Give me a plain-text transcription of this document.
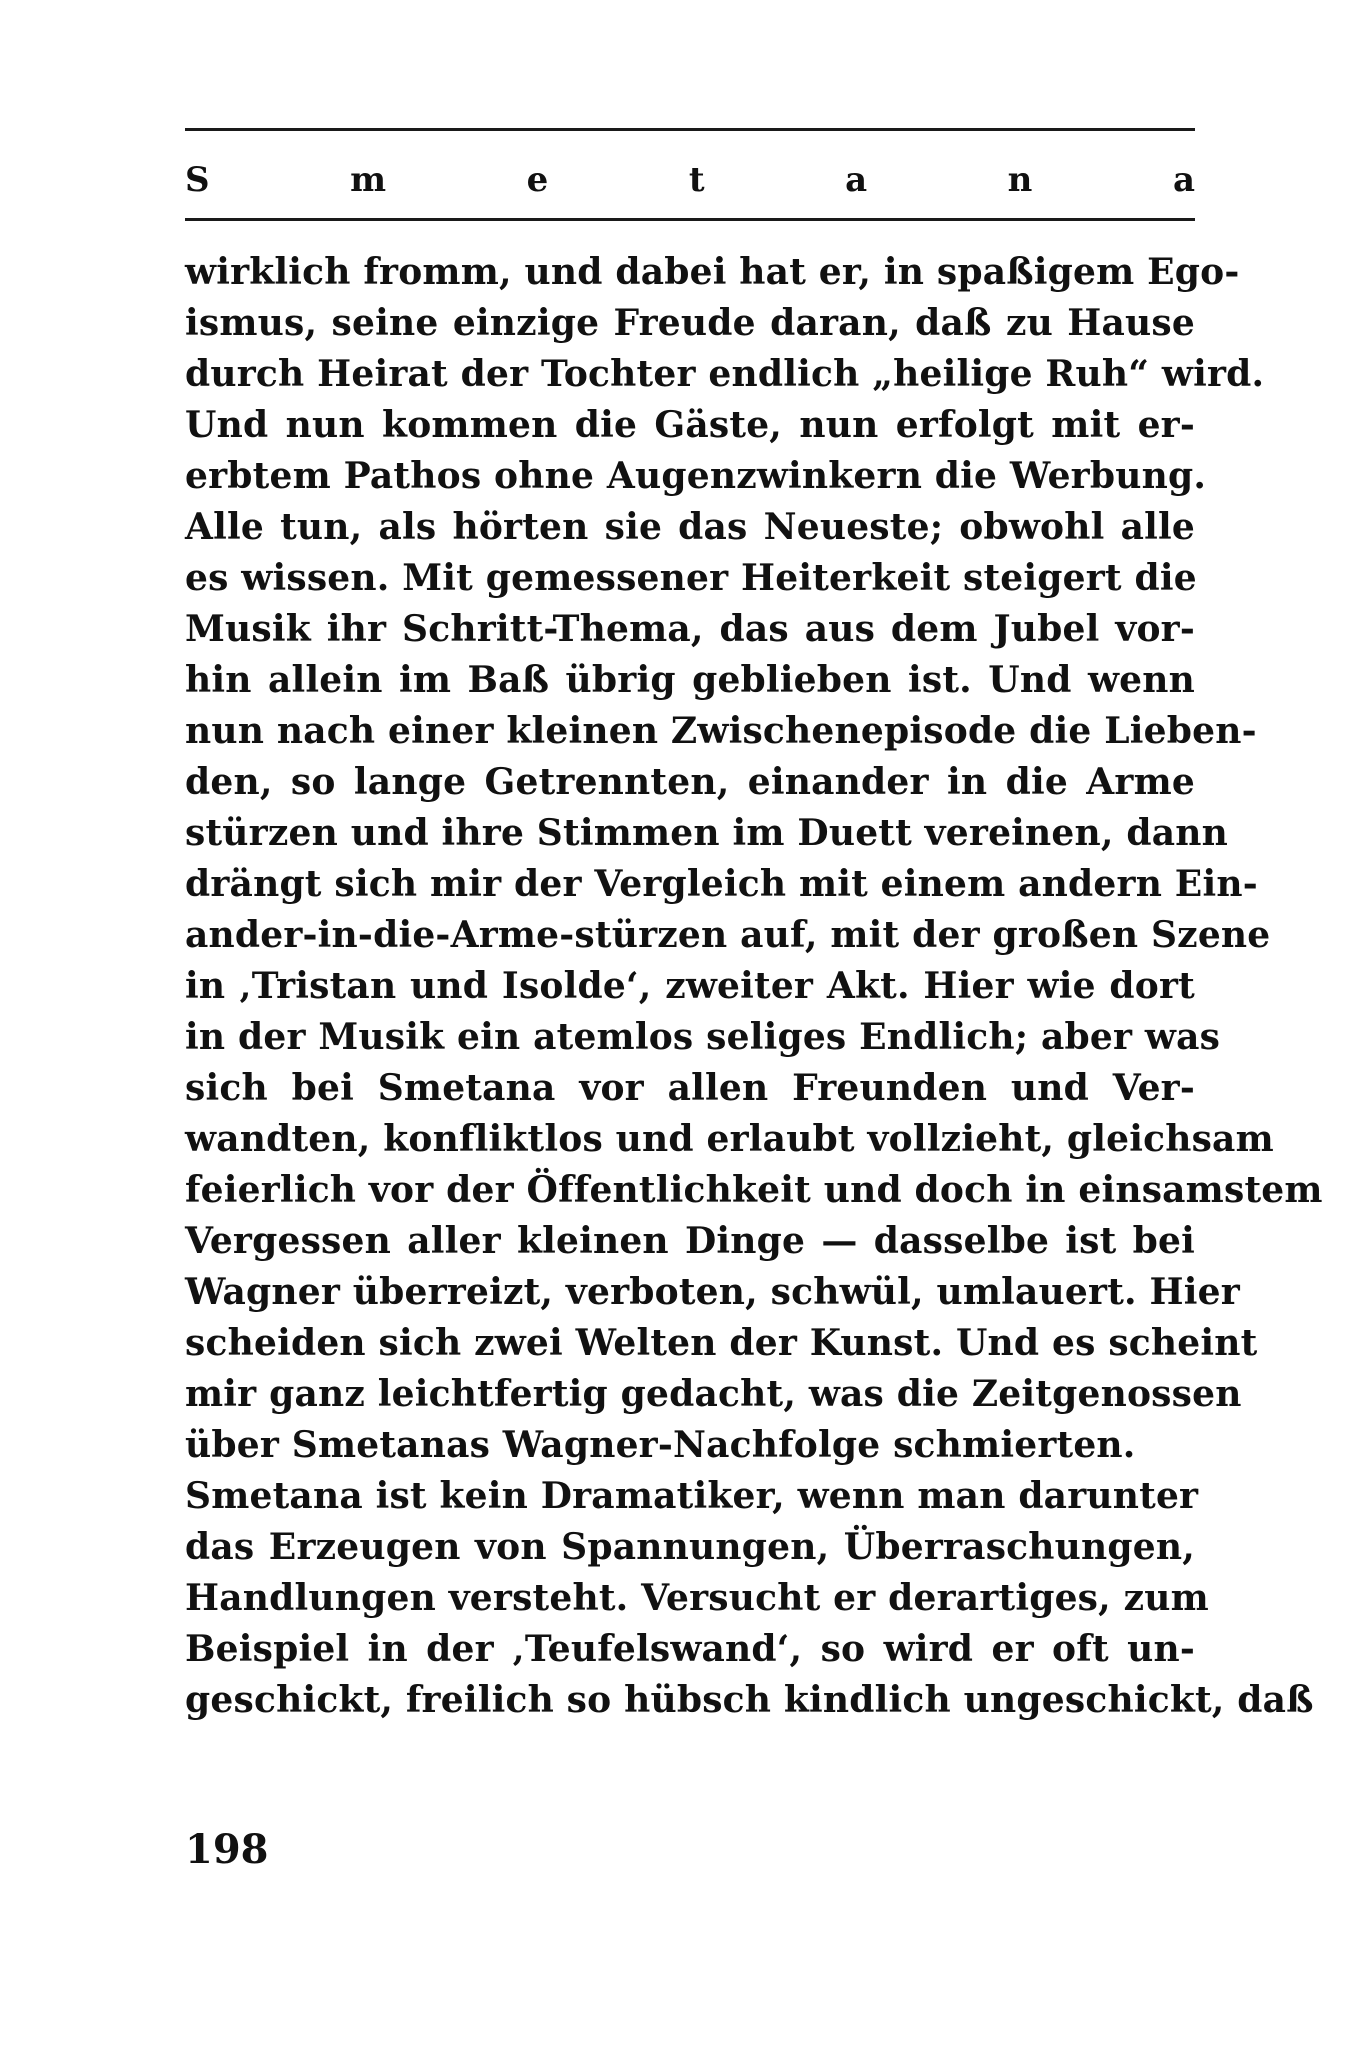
S	m	e	t	a	n	a
wirklich fromm, und dabei hat er, in spaßigem Ego-
ismus, seine einzige Freude daran, daß zu Hause
durch Heirat der Tochter endlich „heilige Ruh“ wird.
Und nun kommen die Gäste, nun erfolgt mit er-
erbtem Pathos ohne Augenzwinkern die Werbung.
Alle tun, als hörten sie das Neueste; obwohl alle
es wissen. Mit gemessener Heiterkeit steigert die
Musik ihr Schritt-Thema, das aus dem Jubel vor-
hin allein im Baß übrig geblieben ist. Und wenn
nun nach einer kleinen Zwischenepisode die Lieben-
den, so lange Getrennten, einander in die Arme
stürzen und ihre Stimmen im Duett vereinen, dann
drängt sich mir der Vergleich mit einem andern Ein-
ander-in-die-Arme-stürzen auf, mit der großen Szene
in ‚Tristan und Isolde‘, zweiter Akt. Hier wie dort
in der Musik ein atemlos seliges Endlich; aber was
sich bei Smetana vor allen Freunden und Ver-
wandten, konfliktlos und erlaubt vollzieht, gleichsam
feierlich vor der Öffentlichkeit und doch in einsamstem
Vergessen aller kleinen Dinge — dasselbe ist bei
Wagner überreizt, verboten, schwül, umlauert. Hier
scheiden sich zwei Welten der Kunst. Und es scheint
mir ganz leichtfertig gedacht, was die Zeitgenossen
über Smetanas Wagner-Nachfolge schmierten.
Smetana ist kein Dramatiker, wenn man darunter
das Erzeugen von Spannungen, Überraschungen,
Handlungen versteht. Versucht er derartiges, zum
Beispiel in der ‚Teufelswand‘, so wird er oft un-
geschickt, freilich so hübsch kindlich ungeschickt, daß
198
